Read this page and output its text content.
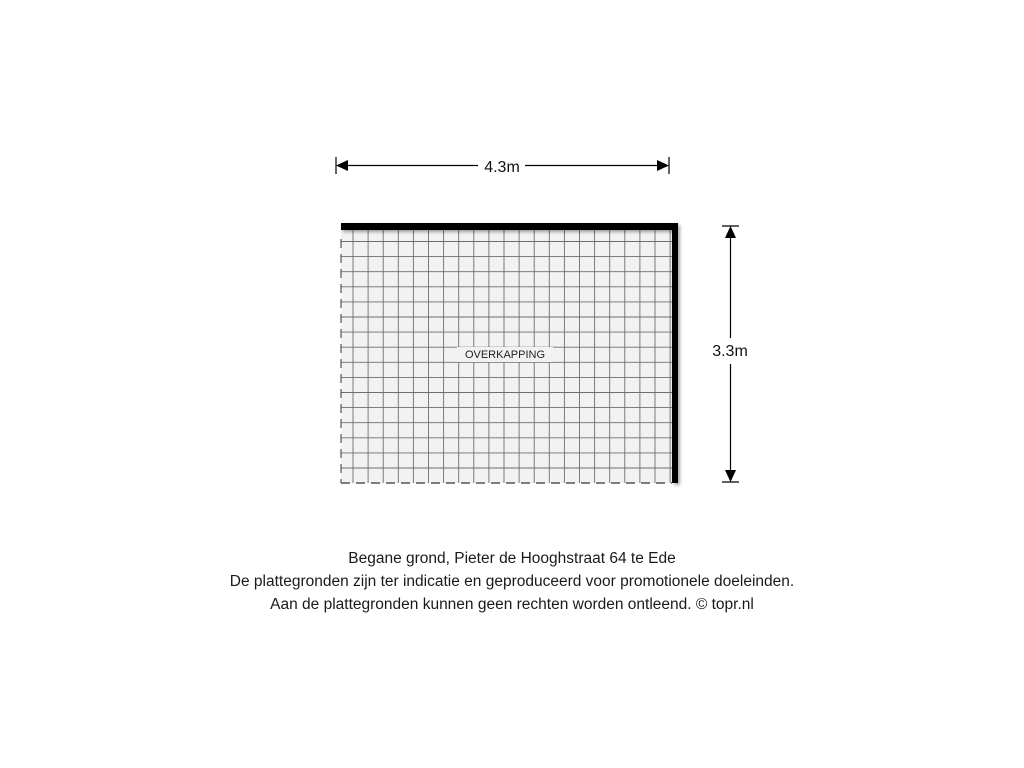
4.3m
3.3m
OVERKAPPING
Begane grond, Pieter de Hooghstraat 64 te Ede
De plattegronden zijn ter indicatie en geproduceerd voor promotionele doeleinden.
Aan de plattegronden kunnen geen rechten worden ontleend. © topr.nl
